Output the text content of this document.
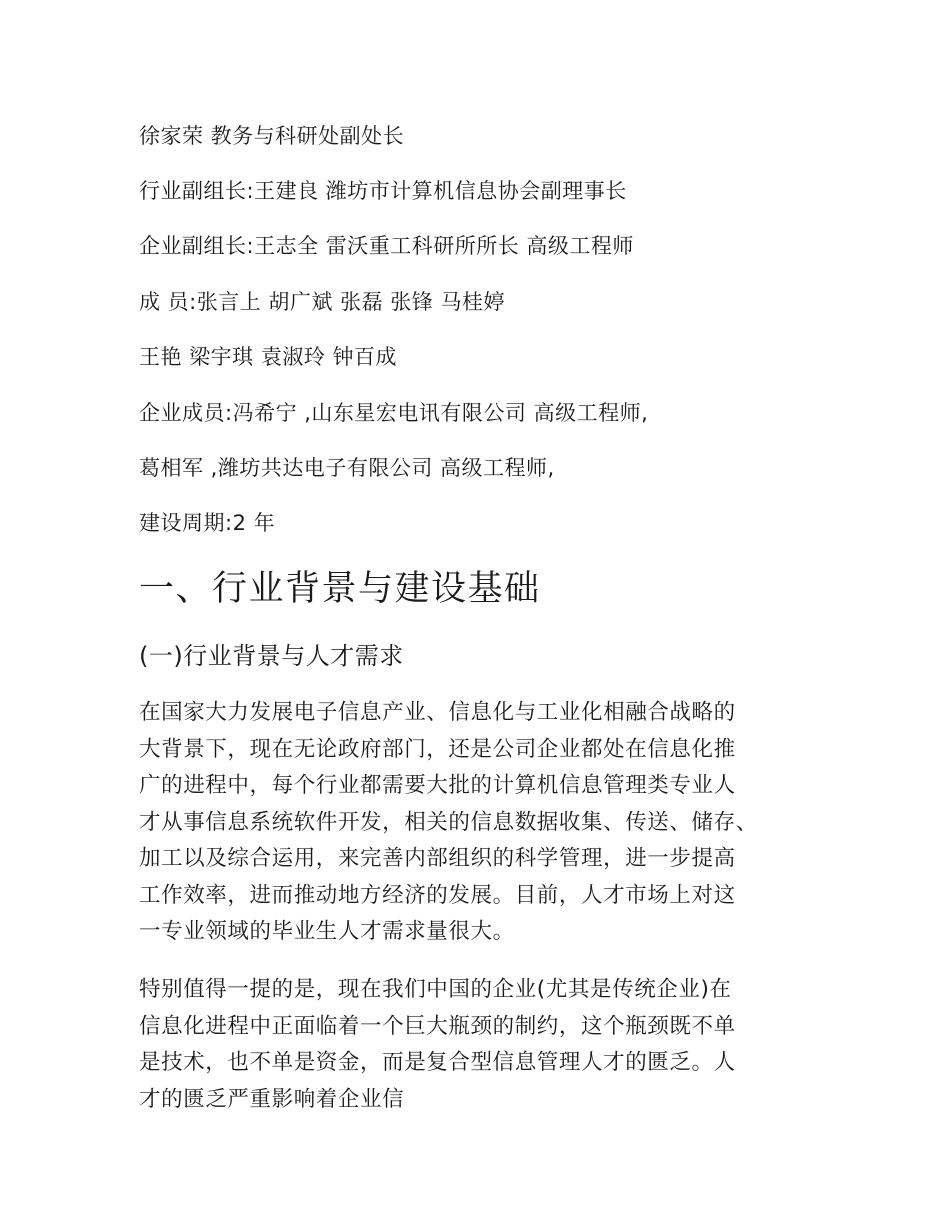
徐家荣 教务与科研处副处长
行业副组长:王建良 潍坊市计算机信息协会副理事长
企业副组长:王志全 雷沃重工科研所所长 高级工程师
成 员:张言上 胡广斌 张磊 张锋 马桂婷
王艳 梁宇琪 袁淑玲 钟百成
企业成员:冯希宁 ,山东星宏电讯有限公司 高级工程师,
葛相军 ,潍坊共达电子有限公司 高级工程师,
建设周期:2 年
一、行业背景与建设基础
(一)行业背景与人才需求
在国家大力发展电子信息产业、信息化与工业化相融合战略的
大背景下，现在无论政府部门，还是公司企业都处在信息化推
广的进程中，每个行业都需要大批的计算机信息管理类专业人
才从事信息系统软件开发，相关的信息数据收集、传送、储存、
加工以及综合运用，来完善内部组织的科学管理，进一步提高
工作效率，进而推动地方经济的发展。目前，人才市场上对这
一专业领域的毕业生人才需求量很大。
特别值得一提的是，现在我们中国的企业(尤其是传统企业)在
信息化进程中正面临着一个巨大瓶颈的制约，这个瓶颈既不单
是技术，也不单是资金，而是复合型信息管理人才的匮乏。人
才的匮乏严重影响着企业信
